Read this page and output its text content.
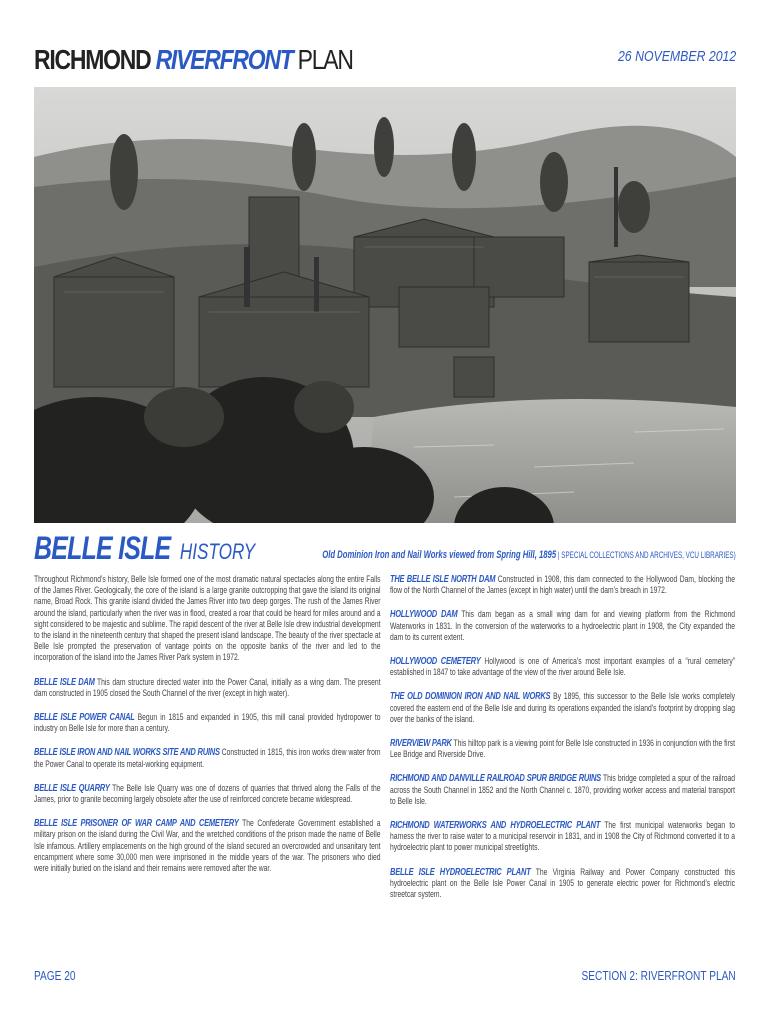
RICHMOND RIVERFRONT PLAN	26 NOVEMBER 2012
BELLE ISLE HISTORY	Old Dominion Iron and Nail Works viewed from Spring Hill, 1895 | SPECIAL COLLECTIONS AND ARCHIVES, VCU LIBRARIES)

Throughout Richmond’s history, Belle Isle formed one of the most dramatic natural spectacles along the entire Falls of the James River. Geologically, the core of the island is a large granite outcropping that gave the island its original name, Broad Rock. This granite island divided the James River into two deep gorges. The rush of the James River around the island, particularly when the river was in flood, created a roar that could be heard for miles around and a sight considered to be majestic and sublime. The rapid descent of the river at Belle Isle drew industrial development to the island in the nineteenth century that shaped the present island landscape. The beauty of the river spectacle at Belle Isle prompted the preservation of vantage points on the opposite banks of the river and led to the incorporation of the island into the James River Park system in 1972.

BELLE ISLE DAM This dam structure directed water into the Power Canal, initially as a wing dam. The present dam constructed in 1905 closed the South Channel of the river (except in high water).

BELLE ISLE POWER CANAL Begun in 1815 and expanded in 1905, this mill canal provided hydropower to industry on Belle Isle for more than a century.

BELLE ISLE IRON AND NAIL WORKS SITE AND RUINS Constructed in 1815, this iron works drew water from the Power Canal to operate its metal-working equipment.

BELLE ISLE QUARRY The Belle Isle Quarry was one of dozens of quarries that thrived along the Falls of the James, prior to granite becoming largely obsolete after the use of reinforced concrete became widespread.

BELLE ISLE PRISONER OF WAR CAMP AND CEMETERY The Confederate Government established a military prison on the island during the Civil War, and the wretched conditions of the prison made the name of Belle Isle infamous. Artillery emplacements on the high ground of the island secured an overcrowded and unsanitary tent encampment where some 30,000 men were imprisoned in the middle years of the war. The prisoners who died were initially buried on the island and their remains were removed after the war.

THE BELLE ISLE NORTH DAM Constructed in 1908, this dam connected to the Hollywood Dam, blocking the flow of the North Channel of the James (except in high water) until the dam’s breach in 1972.

HOLLYWOOD DAM This dam began as a small wing dam for and viewing platform from the Richmond Waterworks in 1831. In the conversion of the waterworks to a hydroelectric plant in 1908, the City expanded the dam to its current extent.

HOLLYWOOD CEMETERY Hollywood is one of America’s most important examples of a “rural cemetery” established in 1847 to take advantage of the view of the river around Belle Isle.

THE OLD DOMINION IRON AND NAIL WORKS By 1895, this successor to the Belle Isle works completely covered the eastern end of the Belle Isle and during its operations expanded the island’s footprint by dropping slag over the banks of the island.

RIVERVIEW PARK This hilltop park is a viewing point for Belle Isle constructed in 1936 in conjunction with the first Lee Bridge and Riverside Drive.

RICHMOND AND DANVILLE RAILROAD SPUR BRIDGE RUINS This bridge completed a spur of the railroad across the South Channel in 1852 and the North Channel c. 1870, providing worker access and material transport to Belle Isle.

RICHMOND WATERWORKS AND HYDROELECTRIC PLANT The first municipal waterworks began to harness the river to raise water to a municipal reservoir in 1831, and in 1908 the City of Richmond converted it to a hydroelectric plant to power municipal streetlights.

BELLE ISLE HYDROELECTRIC PLANT The Virginia Railway and Power Company constructed this hydroelectric plant on the Belle Isle Power Canal in 1905 to generate electric power for Richmond’s electric streetcar system.

PAGE 20	SECTION 2: RIVERFRONT PLAN
